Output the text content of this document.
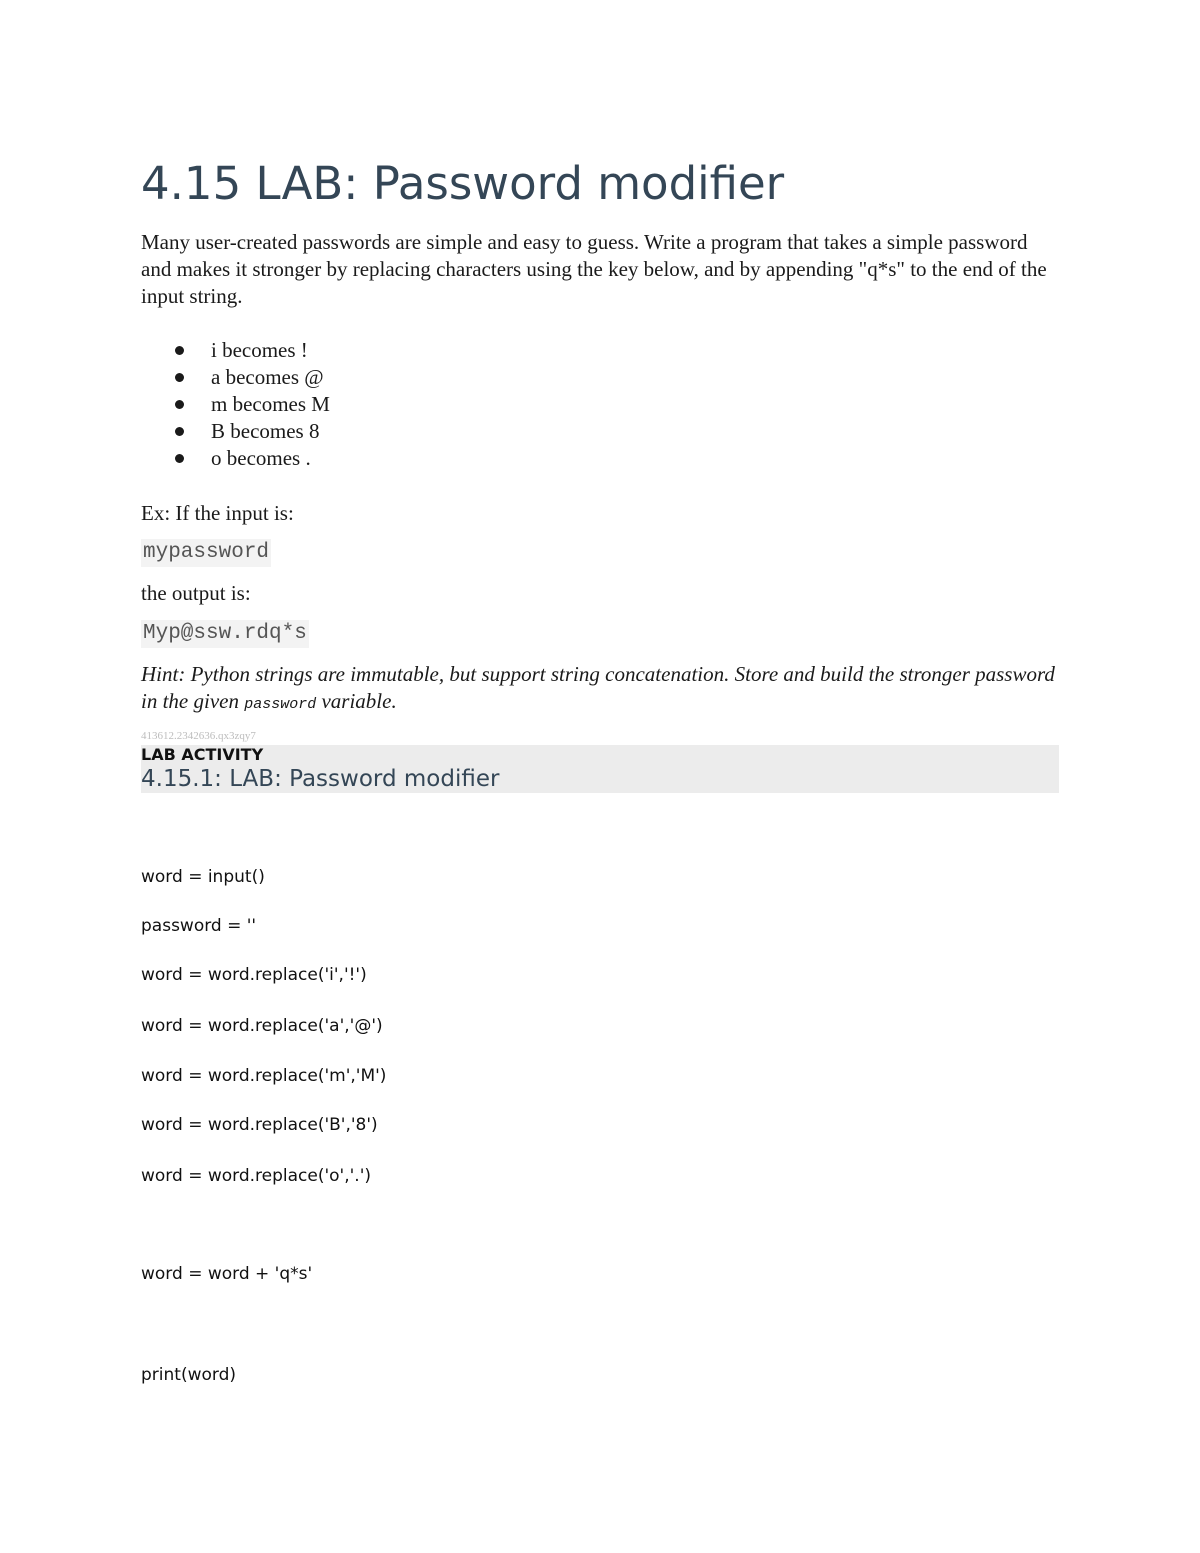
4.15 LAB: Password modifier

Many user-created passwords are simple and easy to guess. Write a program that takes a simple password and makes it stronger by replacing characters using the key below, and by appending "q*s" to the end of the input string.

i becomes !
a becomes @
m becomes M
B becomes 8
o becomes .

Ex: If the input is:

mypassword

the output is:

Myp@ssw.rdq*s

Hint: Python strings are immutable, but support string concatenation. Store and build the stronger password in the given password variable.

413612.2342636.qx3zqy7

LAB ACTIVITY
4.15.1: LAB: Password modifier
word = input()
password = ''
word = word.replace('i','!')
word = word.replace('a','@')
word = word.replace('m','M')
word = word.replace('B','8')
word = word.replace('o','.')
word = word + 'q*s'
print(word)
